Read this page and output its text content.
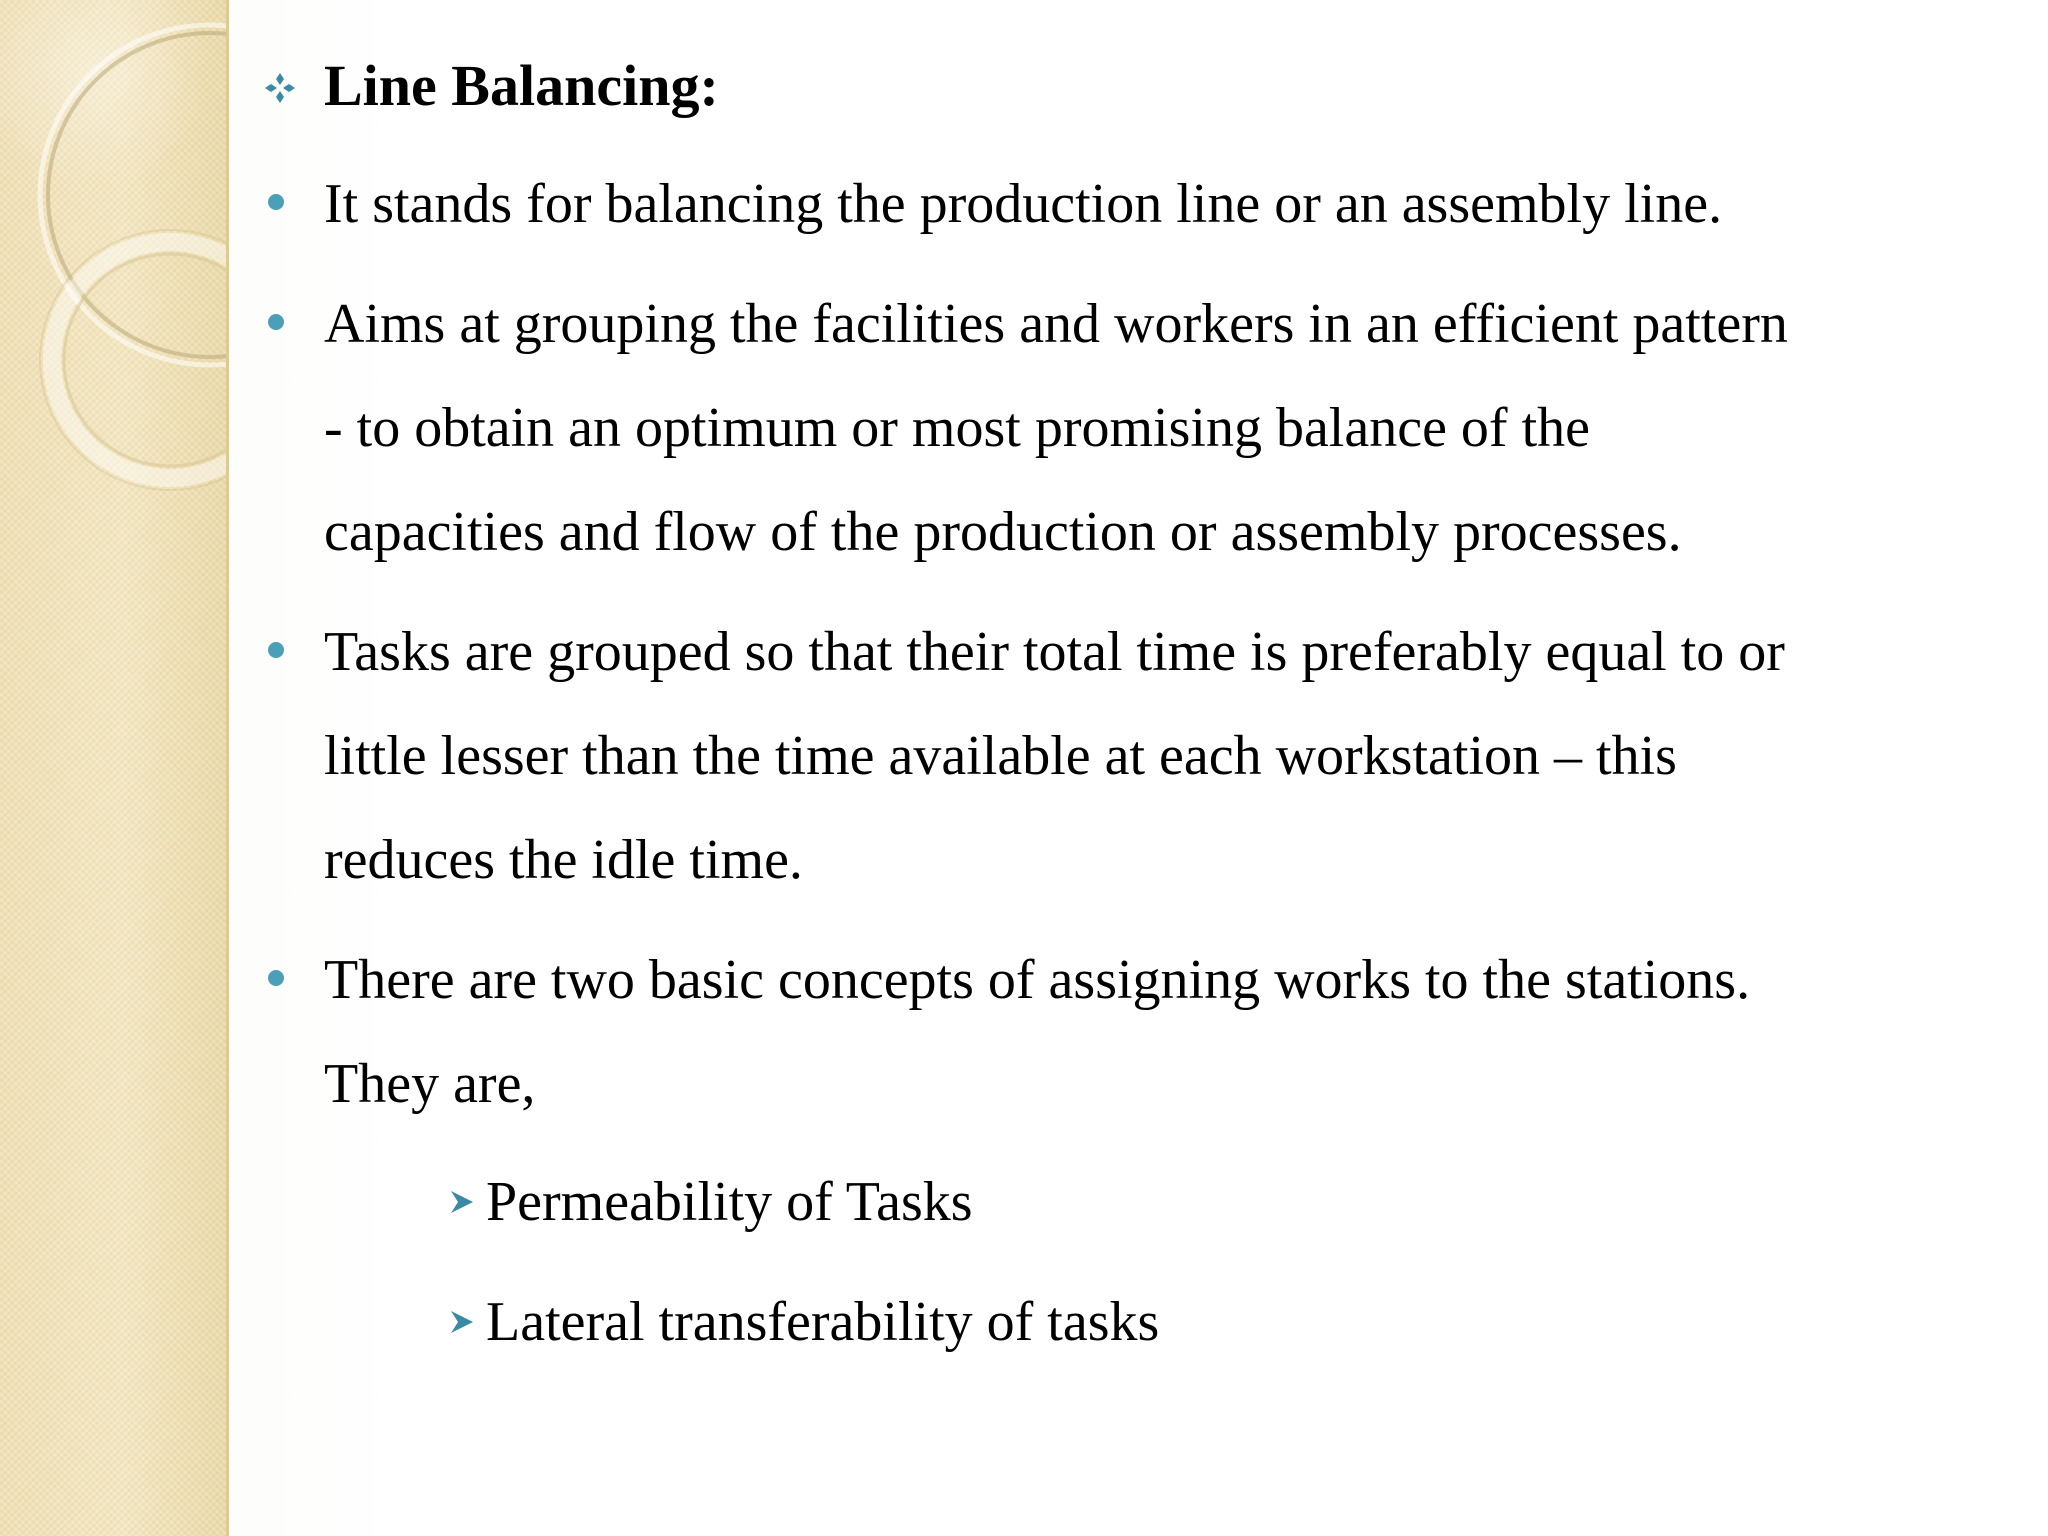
Line Balancing:
It stands for balancing the production line or an assembly line.
Aims at grouping the facilities and workers in an efficient pattern
- to obtain an optimum or most promising balance of the
capacities and flow of the production or assembly processes.
Tasks are grouped so that their total time is preferably equal to or
little lesser than the time available at each workstation – this
reduces the idle time.
There are two basic concepts of assigning works to the stations.
They are,
Permeability of Tasks
Lateral transferability of tasks
